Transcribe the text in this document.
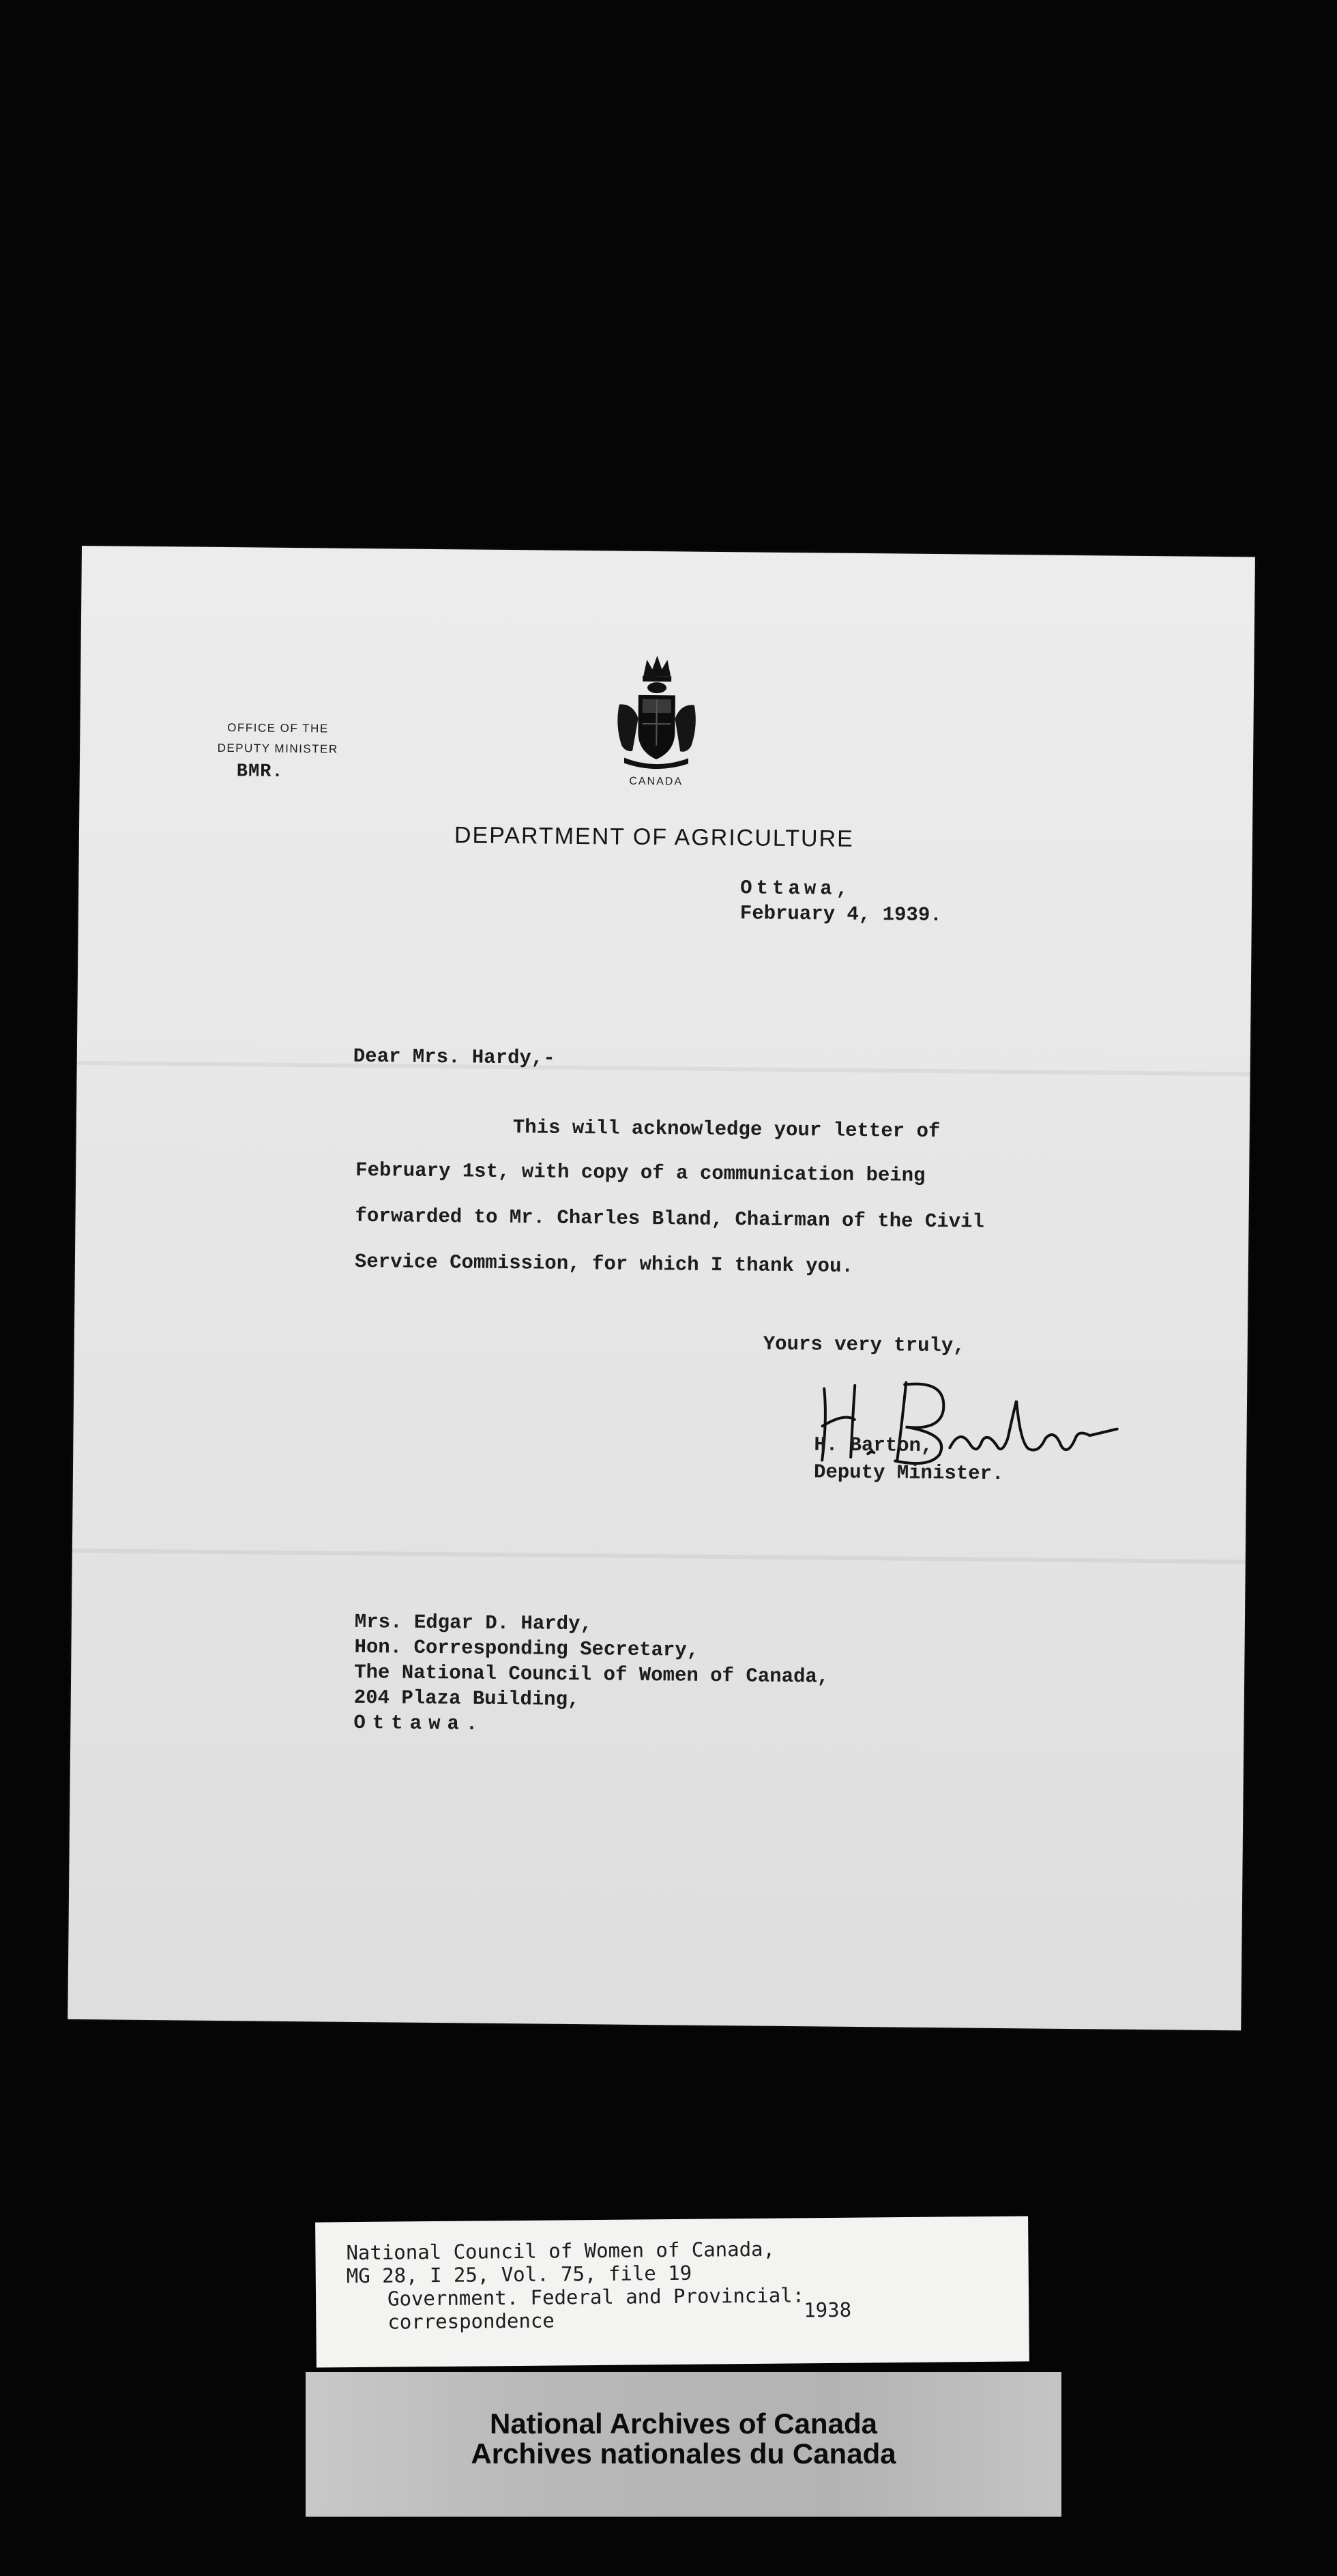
OFFICE OF THE
DEPUTY MINISTER
BMR.	CANADA
DEPARTMENT OF AGRICULTURE
Ottawa,
February 4, 1939.
Dear Mrs. Hardy,-
This will acknowledge your letter of
February 1st, with copy of a communication being
forwarded to Mr. Charles Bland, Chairman of the Civil
Service Commission, for which I thank you.
Yours very truly,
H. Barton,
Deputy Minister.
Mrs. Edgar D. Hardy,
Hon. Corresponding Secretary,
The National Council of Women of Canada,
204 Plaza Building,
Ottawa.
National Council of Women of Canada,
MG 28, I 25, Vol. 75, file 19
Government. Federal and Provincial:
1938
correspondence
National Archives of Canada
Archives nationales du Canada
